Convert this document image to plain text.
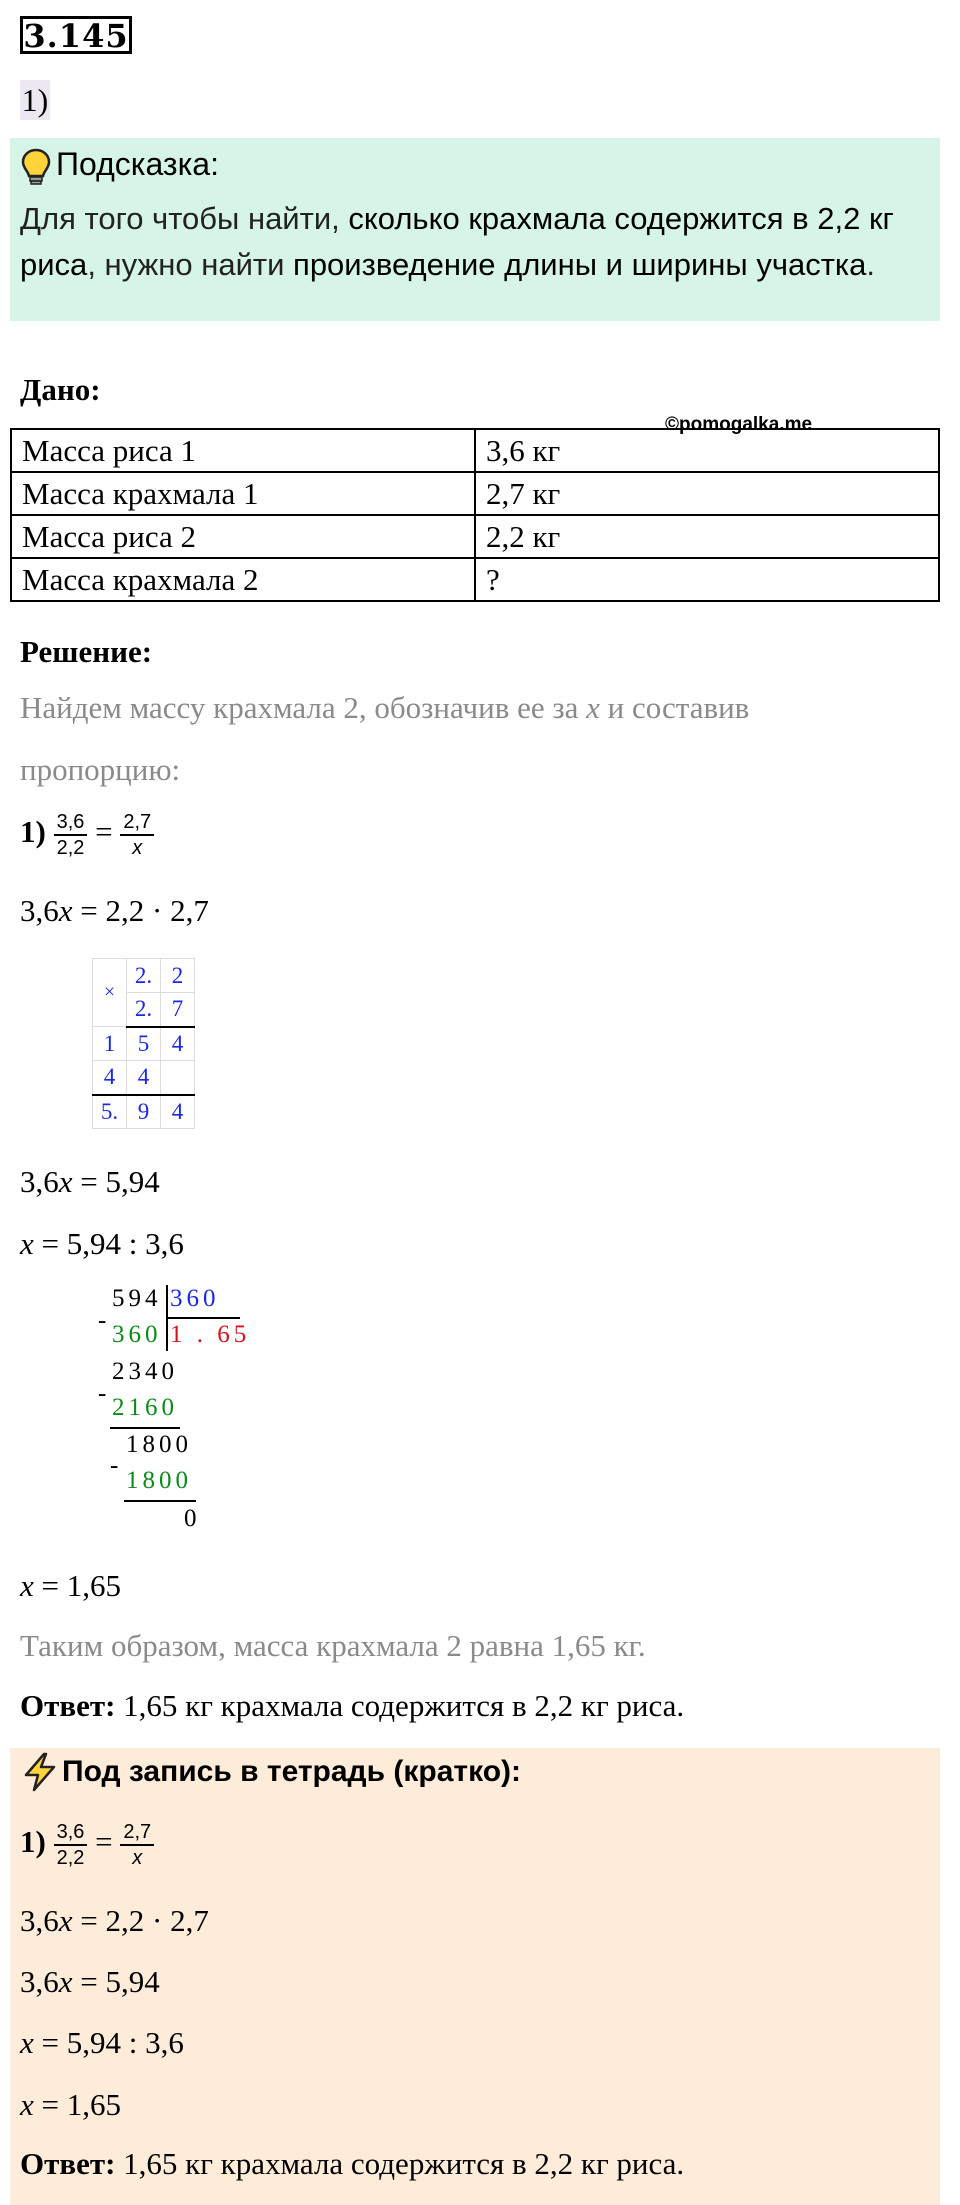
3.145
1)
Подсказка:
Для того чтобы найти, сколько крахмала содержится в 2,2 кг риса, нужно найти произведение длины и ширины участка.
Дано:
©pomogalka.me
Масса риса 1	3,6 кг
Масса крахмала 1	2,7 кг
Масса риса 2	2,2 кг
Масса крахмала 2	?
Решение:
Найдем массу крахмала 2, обозначив ее за x и составив
пропорцию:
$1) \frac{3,6}{2,2} = \frac{2,7}{x}$
3,6x = 2,2 · 2,7
×	2.	2
	2.	7
1	5	4
4	4	
5.	9	4
3,6x = 5,94
x = 5,94 : 3,6
594 360
-
360 1 . 65
2340
-
2160
1800
-
1800
0
x = 1,65
Таким образом, масса крахмала 2 равна 1,65 кг.
Ответ: 1,65 кг крахмала содержится в 2,2 кг риса.
Под запись в тетрадь (кратко):
$1) \frac{3,6}{2,2} = \frac{2,7}{x}$
3,6x = 2,2 · 2,7
3,6x = 5,94
x = 5,94 : 3,6
x = 1,65
Ответ: 1,65 кг крахмала содержится в 2,2 кг риса.
